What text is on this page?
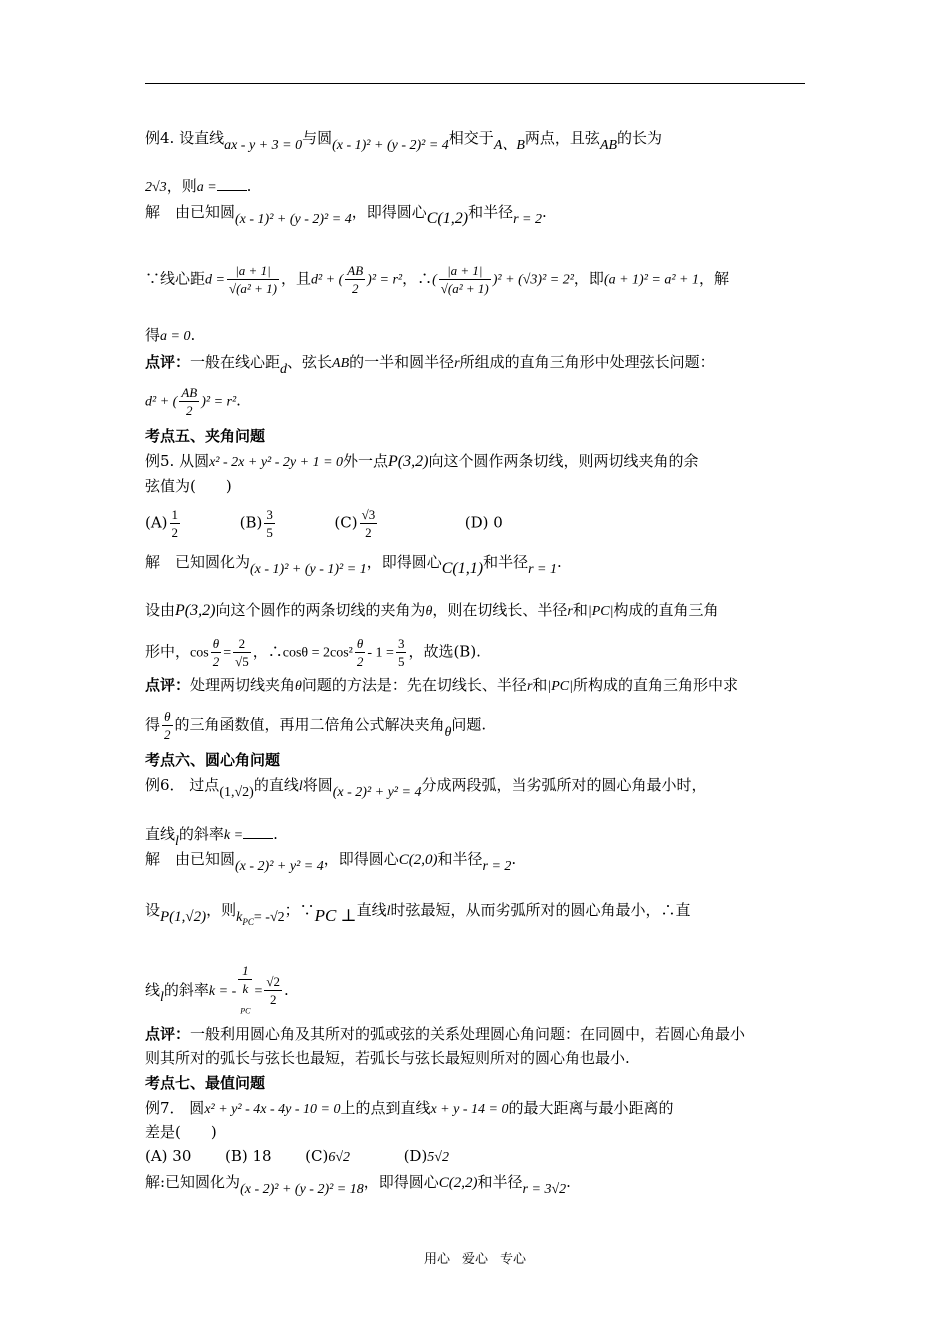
例4. 设直线ax - y + 3 = 0与圆(x - 1)² + (y - 2)² = 4相交于A、B两点，且弦AB的长为
2√3，则a = .
解　由已知圆(x - 1)² + (y - 2)² = 4，即得圆心C(1,2)和半径r = 2.
∵线心距$d = \frac{|a + 1|}{\text{√(a² + 1)}}$ ，且d² + ( $\frac{AB}{2} )^2 = r^2$，∴( $\frac{|a + 1|}{\text{√(a² + 1)}} )^2 + (√3)^2 = 2^2$，即(a + 1)² = a² + 1，解
得a = 0.
点评：一般在线心距d、弦长AB的一半和圆半径r所组成的直角三角形中处理弦长问题：
d² + ( $\frac{AB}{2} )^2 = r^2$.
考点五、夹角问题
例5. 从圆x² - 2x + y² - 2y + 1 = 0外一点P(3,2)向这个圆作两条切线，则两切线夹角的余
弦值为(　　)
$(A) \frac{1}{2}$	$(B) \frac{3}{5}$	$(C) \frac{√3}{2}$	(D) 0
解　已知圆化为(x - 1)² + (y - 1)² = 1，即得圆心C(1,1)和半径r = 1.
设由P(3,2)向这个圆作的两条切线的夹角为θ，则在切线长、半径r和|PC|构成的直角三角
形中，$\cos \frac{\theta}{2} = \frac{2}{√5}$ ，∴cosθ = $2\cos^2 \frac{\theta}{2} - 1 = \frac{3}{5}$ ，故选(B).
点评：处理两切线夹角θ问题的方法是：先在切线长、半径r和|PC|所构成的直角三角形中求
得 $\frac{\theta}{2}$ 的三角函数值，再用二倍角公式解决夹角θ问题.
考点六、圆心角问题
例6． 过点(1,√2)的直线l将圆(x - 2)² + y² = 4分成两段弧，当劣弧所对的圆心角最小时，
直线l的斜率k = .
解　由已知圆(x - 2)² + y² = 4，即得圆心C(2,0)和半径r = 2.
设P(1,√2)，则$k_{PC}= -√2$；∵PC ⊥直线l时弦最短，从而劣弧所对的圆心角最小，∴直
线l的斜率k = - 1
k
$_{PC} = \frac{√2}{2}$ .
点评：一般利用圆心角及其所对的弧或弦的关系处理圆心角问题：在同圆中，若圆心角最小
则其所对的弧长与弦长也最短，若弧长与弦长最短则所对的圆心角也最小.
考点七、最值问题
例7． 圆x² + y² - 4x - 4y - 10 = 0上的点到直线x + y - 14 = 0的最大距离与最小距离的
差是(　　)
(A) 30 (B) 18 (C)6√2	(D)5√2
解:已知圆化为(x - 2)² + (y - 2)² = 18，即得圆心C(2,2)和半径r = 3√2.
用心 爱心 专心
